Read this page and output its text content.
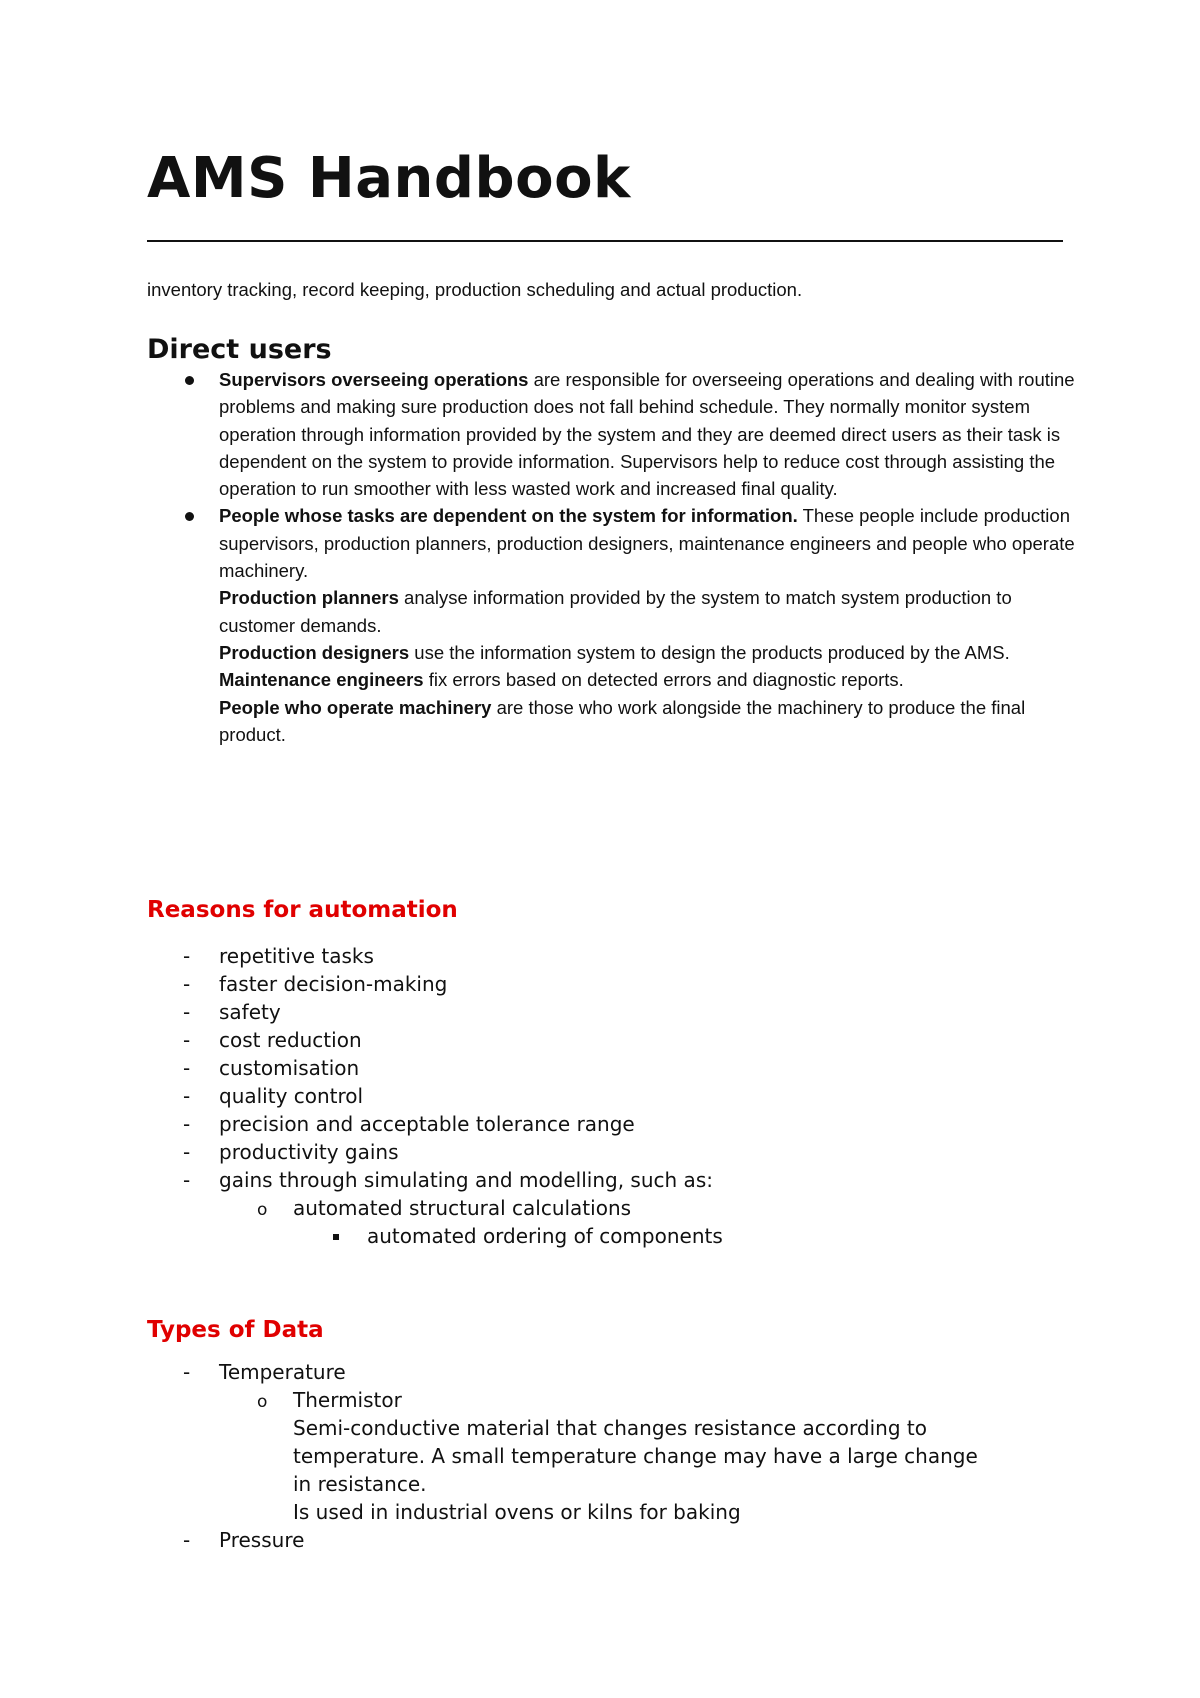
AMS Handbook

inventory tracking, record keeping, production scheduling and actual production.

Direct users

Supervisors overseeing operations are responsible for overseeing operations and dealing with routine problems and making sure production does not fall behind schedule. They normally monitor system operation through information provided by the system and they are deemed direct users as their task is dependent on the system to provide information. Supervisors help to reduce cost through assisting the operation to run smoother with less wasted work and increased final quality.

People whose tasks are dependent on the system for information. These people include production supervisors, production planners, production designers, maintenance engineers and people who operate machinery.

Production planners analyse information provided by the system to match system production to customer demands.

Production designers use the information system to design the products produced by the AMS.

Maintenance engineers fix errors based on detected errors and diagnostic reports.

People who operate machinery are those who work alongside the machinery to produce the final product.

Reasons for automation
- repetitive tasks
- faster decision-making
- safety
- cost reduction
- customisation
- quality control
- precision and acceptable tolerance range
- productivity gains
- gains through simulating and modelling, such as:
o automated structural calculations
automated ordering of components
Types of Data
- Temperature
o Thermistor
Semi-conductive material that changes resistance according to
temperature. A small temperature change may have a large change
in resistance.
Is used in industrial ovens or kilns for baking
- Pressure
